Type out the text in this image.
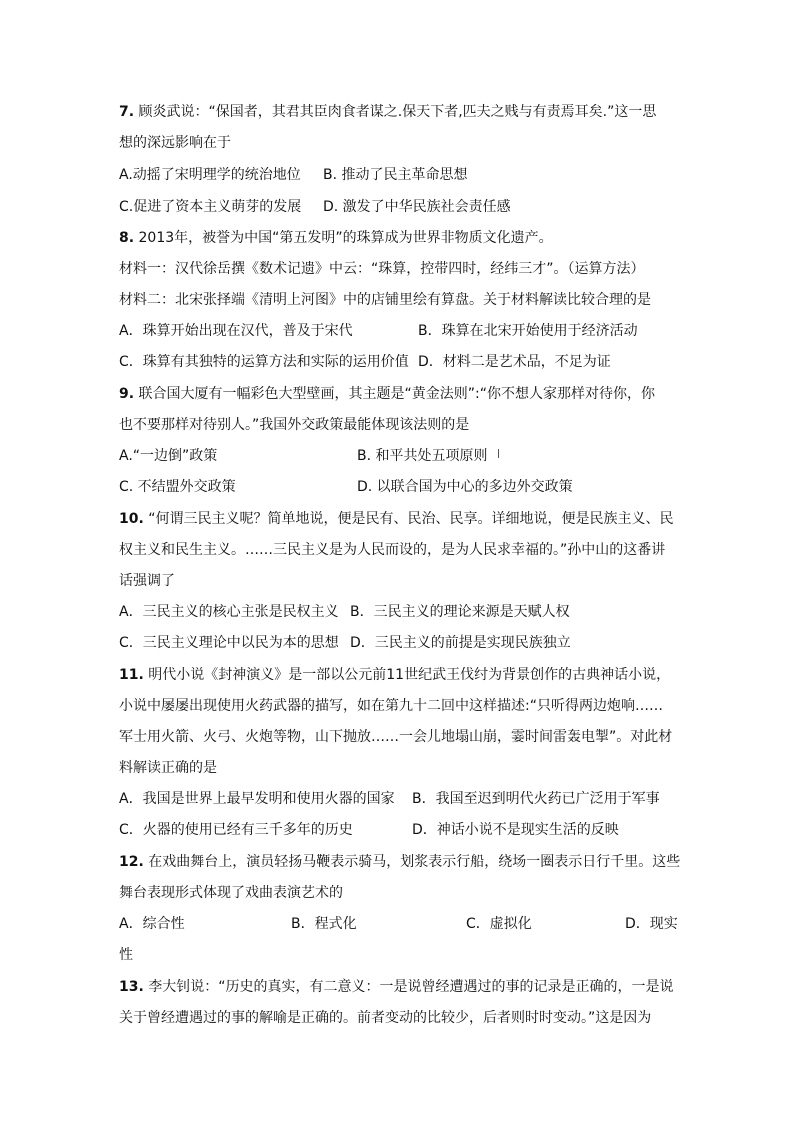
7. 顾炎武说：“保国者，其君其臣肉食者谋之.保天下者,匹夫之贱与有责焉耳矣.”这一思
想的深远影响在于
A.动摇了宋明理学的统治地位 B. 推动了民主革命思想
C.促进了资本主义萌芽的发展 D. 激发了中华民族社会责任感
8. 2013年，被誉为中国“第五发明”的珠算成为世界非物质文化遗产。
材料一：汉代徐岳撰《数术记遗》中云：“珠算，控带四时，经纬三才”。（运算方法）
材料二：北宋张择端《清明上河图》中的店铺里绘有算盘。关于材料解读比较合理的是
A．珠算开始出现在汉代，普及于宋代	B．珠算在北宋开始使用于经济活动
C．珠算有其独特的运算方法和实际的运用价值 D．材料二是艺术品，不足为证
9. 联合国大厦有一幅彩色大型壁画，其主题是“黄金法则”:“你不想人家那样对待你，你
也不要那样对待别人。”我国外交政策最能体现该法则的是
A.“一边倒”政策	B. 和平共处五项原则
C. 不结盟外交政策	D. 以联合国为中心的多边外交政策
10. “何谓三民主义呢？简单地说，便是民有、民治、民享。详细地说，便是民族主义、民
权主义和民生主义。……三民主义是为人民而设的，是为人民求幸福的。”孙中山的这番讲
话强调了
A．三民主义的核心主张是民权主义 B．三民主义的理论来源是天赋人权
C．三民主义理论中以民为本的思想 D．三民主义的前提是实现民族独立
11. 明代小说《封神演义》是一部以公元前11世纪武王伐纣为背景创作的古典神话小说，
小说中屡屡出现使用火药武器的描写，如在第九十二回中这样描述:“只听得两边炮响……
军士用火箭、火弓、火炮等物，山下抛放……一会儿地塌山崩，霎时间雷轰电掣”。对此材
料解读正确的是
A．我国是世界上最早发明和使用火器的国家 B．我国至迟到明代火药已广泛用于军事
C．火器的使用已经有三千多年的历史	D．神话小说不是现实生活的反映
12. 在戏曲舞台上，演员轻扬马鞭表示骑马，划浆表示行船，绕场一圈表示日行千里。这些
舞台表现形式体现了戏曲表演艺术的
A．综合性	B．程式化	C．虚拟化	D．现实
性
13. 李大钊说：“历史的真实，有二意义：一是说曾经遭遇过的事的记录是正确的，一是说
关于曾经遭遇过的事的解喻是正确的。前者变动的比较少，后者则时时变动。”这是因为
